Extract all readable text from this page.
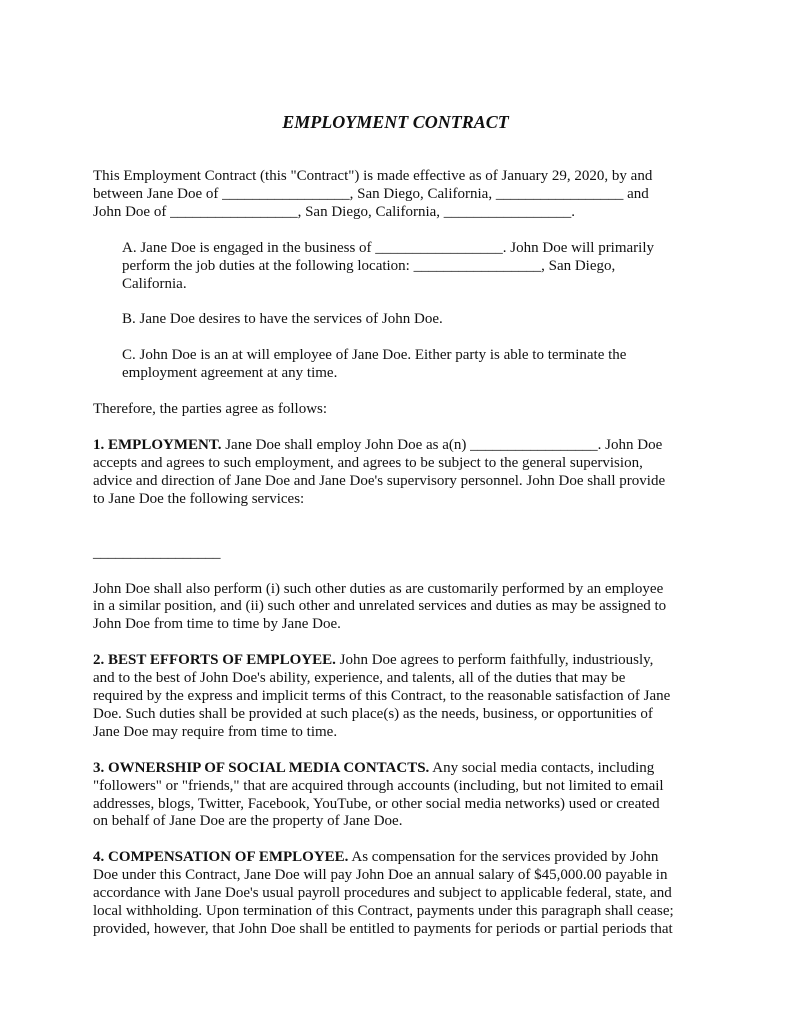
EMPLOYMENT CONTRACT

This Employment Contract (this "Contract") is made effective as of January 29, 2020, by and
between Jane Doe of _________________, San Diego, California, _________________ and
John Doe of _________________, San Diego, California, _________________.

A. Jane Doe is engaged in the business of _________________. John Doe will primarily
perform the job duties at the following location: _________________, San Diego,
California.

B. Jane Doe desires to have the services of John Doe.

C. John Doe is an at will employee of Jane Doe. Either party is able to terminate the
employment agreement at any time.

Therefore, the parties agree as follows:

1. EMPLOYMENT. Jane Doe shall employ John Doe as a(n) _________________. John Doe
accepts and agrees to such employment, and agrees to be subject to the general supervision,
advice and direction of Jane Doe and Jane Doe's supervisory personnel. John Doe shall provide
to Jane Doe the following services:

_________________

John Doe shall also perform (i) such other duties as are customarily performed by an employee
in a similar position, and (ii) such other and unrelated services and duties as may be assigned to
John Doe from time to time by Jane Doe.

2. BEST EFFORTS OF EMPLOYEE. John Doe agrees to perform faithfully, industriously,
and to the best of John Doe's ability, experience, and talents, all of the duties that may be
required by the express and implicit terms of this Contract, to the reasonable satisfaction of Jane
Doe. Such duties shall be provided at such place(s) as the needs, business, or opportunities of
Jane Doe may require from time to time.

3. OWNERSHIP OF SOCIAL MEDIA CONTACTS. Any social media contacts, including
"followers" or "friends," that are acquired through accounts (including, but not limited to email
addresses, blogs, Twitter, Facebook, YouTube, or other social media networks) used or created
on behalf of Jane Doe are the property of Jane Doe.

4. COMPENSATION OF EMPLOYEE. As compensation for the services provided by John
Doe under this Contract, Jane Doe will pay John Doe an annual salary of $45,000.00 payable in
accordance with Jane Doe's usual payroll procedures and subject to applicable federal, state, and
local withholding. Upon termination of this Contract, payments under this paragraph shall cease;
provided, however, that John Doe shall be entitled to payments for periods or partial periods that
